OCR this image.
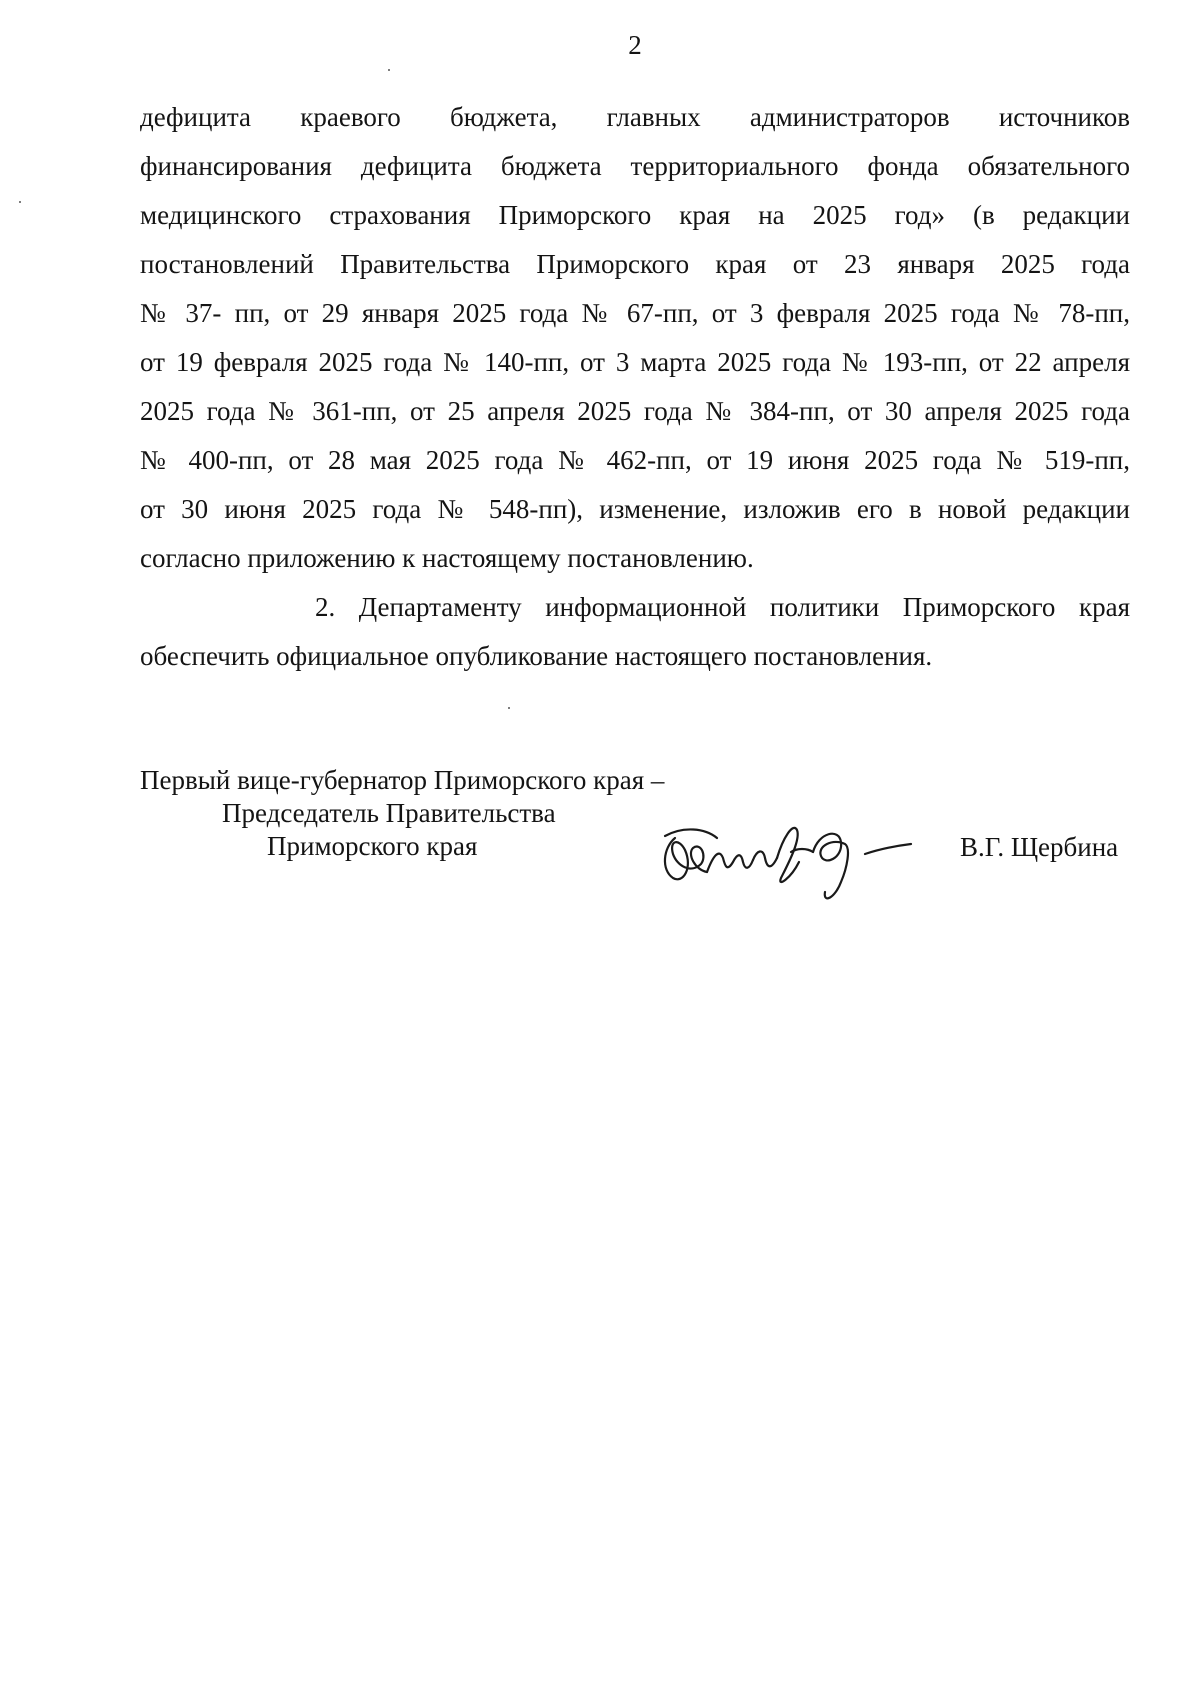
2
дефицита краевого бюджета, главных администраторов источников
финансирования дефицита бюджета территориального фонда обязательного
медицинского страхования Приморского края на 2025 год» (в редакции
постановлений Правительства Приморского края от 23 января 2025 года
№ 37- пп, от 29 января 2025 года № 67-пп, от 3 февраля 2025 года № 78-пп,
от 19 февраля 2025 года № 140-пп, от 3 марта 2025 года № 193-пп, от 22 апреля
2025 года № 361-пп, от 25 апреля 2025 года № 384-пп, от 30 апреля 2025 года
№ 400-пп, от 28 мая 2025 года № 462-пп, от 19 июня 2025 года № 519-пп,
от 30 июня 2025 года № 548-пп), изменение, изложив его в новой редакции
согласно приложению к настоящему постановлению.
2. Департаменту информационной политики Приморского края
обеспечить официальное опубликование настоящего постановления.
Первый вице-губернатор Приморского края –
Председатель Правительства
Приморского края	В.Г. Щербина
